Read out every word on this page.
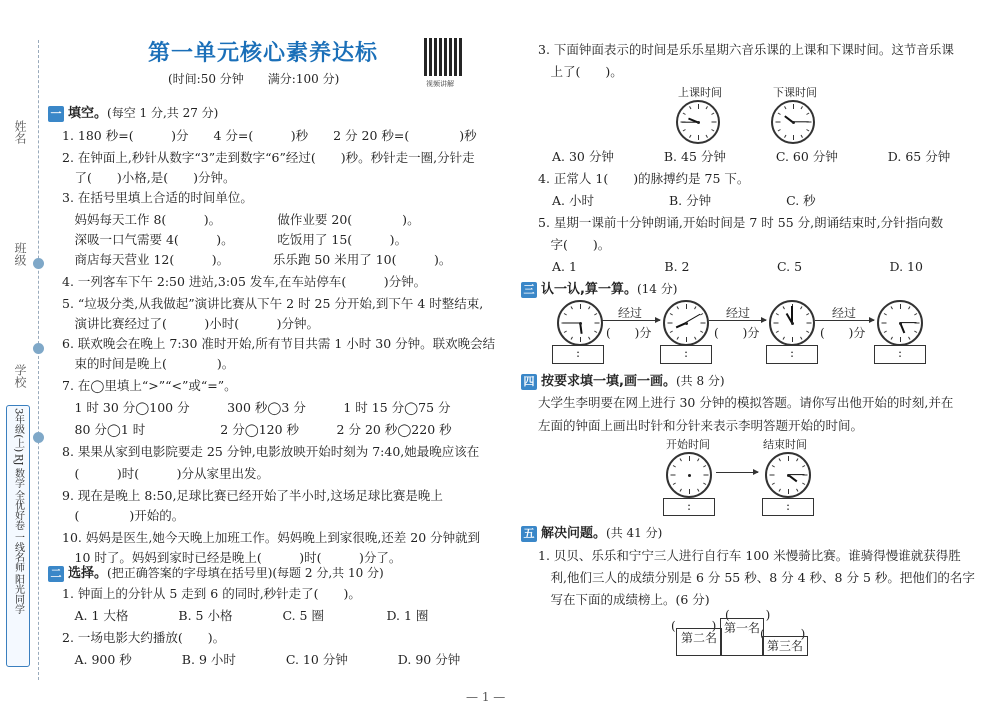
姓名
班级
学校
3年级(上)
RJ
数学
全优好卷
一线名师
阳光同学
第一单元核心素养达标
(时间:50 分钟　　满分:100 分)	视频讲解
一 填空。(每空 1 分,共 27 分)
1. 180 秒=(　　　)分　　4 分=(　　　)秒　　2 分 20 秒=(　　　　)秒
2. 在钟面上,秒针从数字“3”走到数字“6”经过(　　)秒。秒针走一圈,分针走
　了(　　)小格,是(　　)分钟。
3. 在括号里填上合适的时间单位。
　妈妈每天工作 8(　　　)。　　　　　做作业要 20(　　　　)。
　深吸一口气需要 4(　　　)。　　　　吃饭用了 15(　　　)。
　商店每天营业 12(　　　)。　　　　乐乐跑 50 米用了 10(　　　)。
4. 一列客车下午 2:50 进站,3:05 发车,在车站停车(　　　)分钟。
5. “垃圾分类,从我做起”演讲比赛从下午 2 时 25 分开始,到下午 4 时整结束,
　演讲比赛经过了(　　　)小时(　　　)分钟。
6. 联欢晚会在晚上 7:30 准时开始,所有节目共需 1 小时 30 分钟。联欢晚会结
　束的时间是晚上(　　　　)。
7. 在◯里填上“>”“<”或“=”。
　1 时 30 分◯100 分　　　300 秒◯3 分　　　1 时 15 分◯75 分
　80 分◯1 时　　　　　　2 分◯120 秒　　　2 分 20 秒◯220 秒
8. 果果从家到电影院要走 25 分钟,电影放映开始时刻为 7:40,她最晚应该在
　(　　　)时(　　　)分从家里出发。
9. 现在是晚上 8:50,足球比赛已经开始了半小时,这场足球比赛是晚上
　(　　　　)开始的。
10. 妈妈是医生,她今天晚上加班工作。妈妈晚上到家很晚,还差 20 分钟就到
　10 时了。妈妈到家时已经是晚上(　　　)时(　　　)分了。
1. 钟面上的分针从 5 走到 6 的同时,秒针走了(　　)。
　A. 1 大格　　　　B. 5 小格　　　　C. 5 圈　　　　　D. 1 圈
2. 一场电影大约播放(　　)。
　A. 900 秒　　　　B. 9 小时　　　　C. 10 分钟　　　　D. 90 分钟
二 选择。(把正确答案的字母填在括号里)(每题 2 分,共 10 分)
3. 下面钟面表示的时间是乐乐星期六音乐课的上课和下课时间。这节音乐课
　上了(　　)。
上课时间	下课时间
A. 30 分钟　　　　B. 45 分钟　　　　C. 60 分钟　　　　D. 65 分钟
4. 正常人 1(　　)的脉搏约是 75 下。
A. 小时　　　　　　B. 分钟　　　　　　C. 秒
5. 星期一课前十分钟朗诵,开始时间是 7 时 55 分,朗诵结束时,分针指向数
　字(　　)。
A. 1　　　　　　　B. 2　　　　　　　C. 5　　　　　　　D. 10
三 认一认,算一算。(14 分)
经过	经过	经过
(　　)分	(　　)分	(　　)分
:	:	:	:
四 按要求填一填,画一画。(共 8 分)
大学生李明要在网上进行 30 分钟的模拟答题。请你写出他开始的时刻,并在
左面的钟面上画出时针和分针来表示李明答题开始的时间。
开始时间	结束时间
:	:
五 解决问题。(共 41 分)
1. 贝贝、乐乐和宁宁三人进行自行车 100 米慢骑比赛。谁骑得慢谁就获得胜
　利,他们三人的成绩分别是 6 分 55 秒、8 分 4 秒、8 分 5 秒。把他们的名字
　写在下面的成绩榜上。(6 分)
(　　　)
(　　　)
(　　　)
第一名
第二名
第三名
— 1 —
